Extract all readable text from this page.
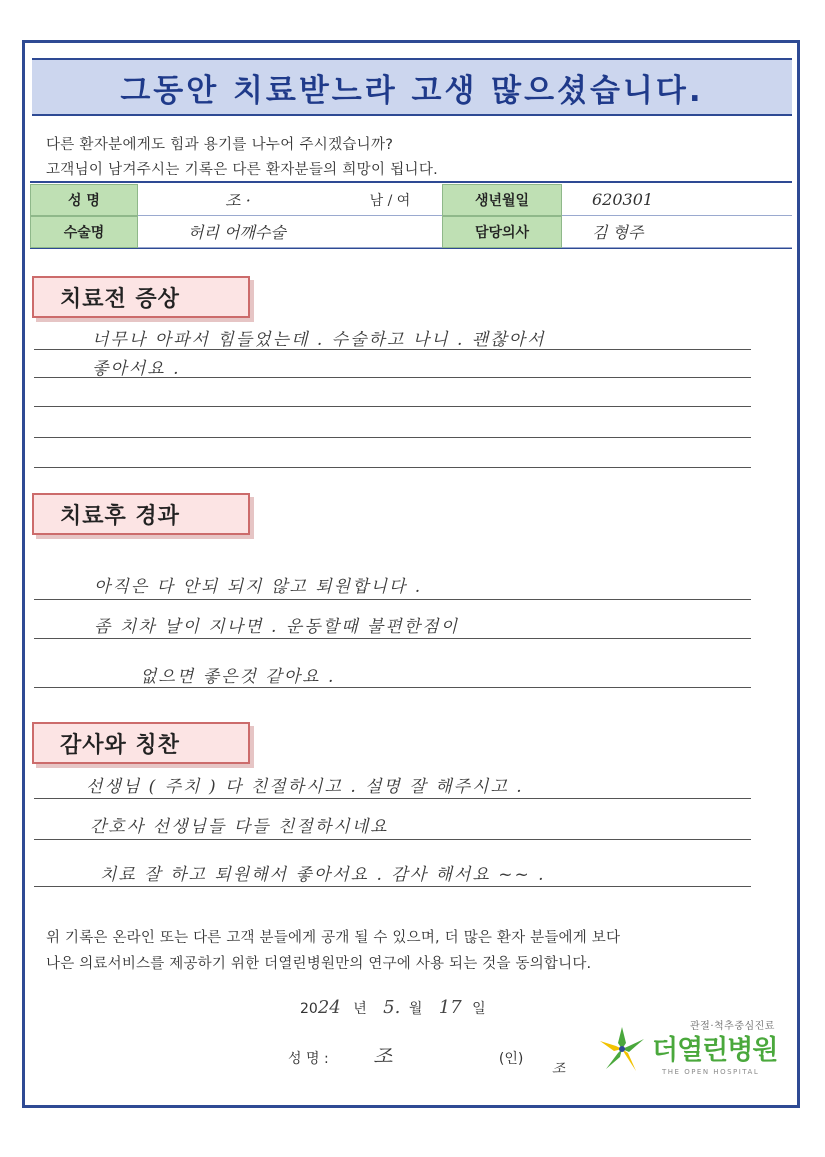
그동안 치료받느라 고생 많으셨습니다.
다른 환자분에게도 힘과 용기를 나누어 주시겠습니까?
고객님이 남겨주시는 기록은 다른 환자분들의 희망이 됩니다.
성 명	조 ·	남 / 여	생년월일	620301
수술명	허리 어깨수술	담당의사	김 형주
치료전 증상
너무나 아파서 힘들었는데 . 수술하고 나니 . 괜찮아서
좋아서요 .
치료후 경과
아직은 다 안되 되지 않고 퇴원합니다 .
좀 치차 날이 지나면 . 운동할때 불편한점이
없으면 좋은것 같아요 .
감사와 칭찬
선생님 ( 주치 ) 다 친절하시고 . 설명 잘 해주시고 .
간호사 선생님들 다들 친절하시네요
치료 잘 하고 퇴원해서 좋아서요 . 감사 해서요 ~~ .
위 기록은 온라인 또는 다른 고객 분들에게 공개 될 수 있으며, 더 많은 환자 분들에게 보다
나은 의료서비스를 제공하기 위한 더열린병원만의 연구에 사용 되는 것을 동의합니다.
2024 년 5. 월 17 일
성 명 : 조	(인) 조
관절·척추중심진료
더열린병원
THE OPEN HOSPITAL
